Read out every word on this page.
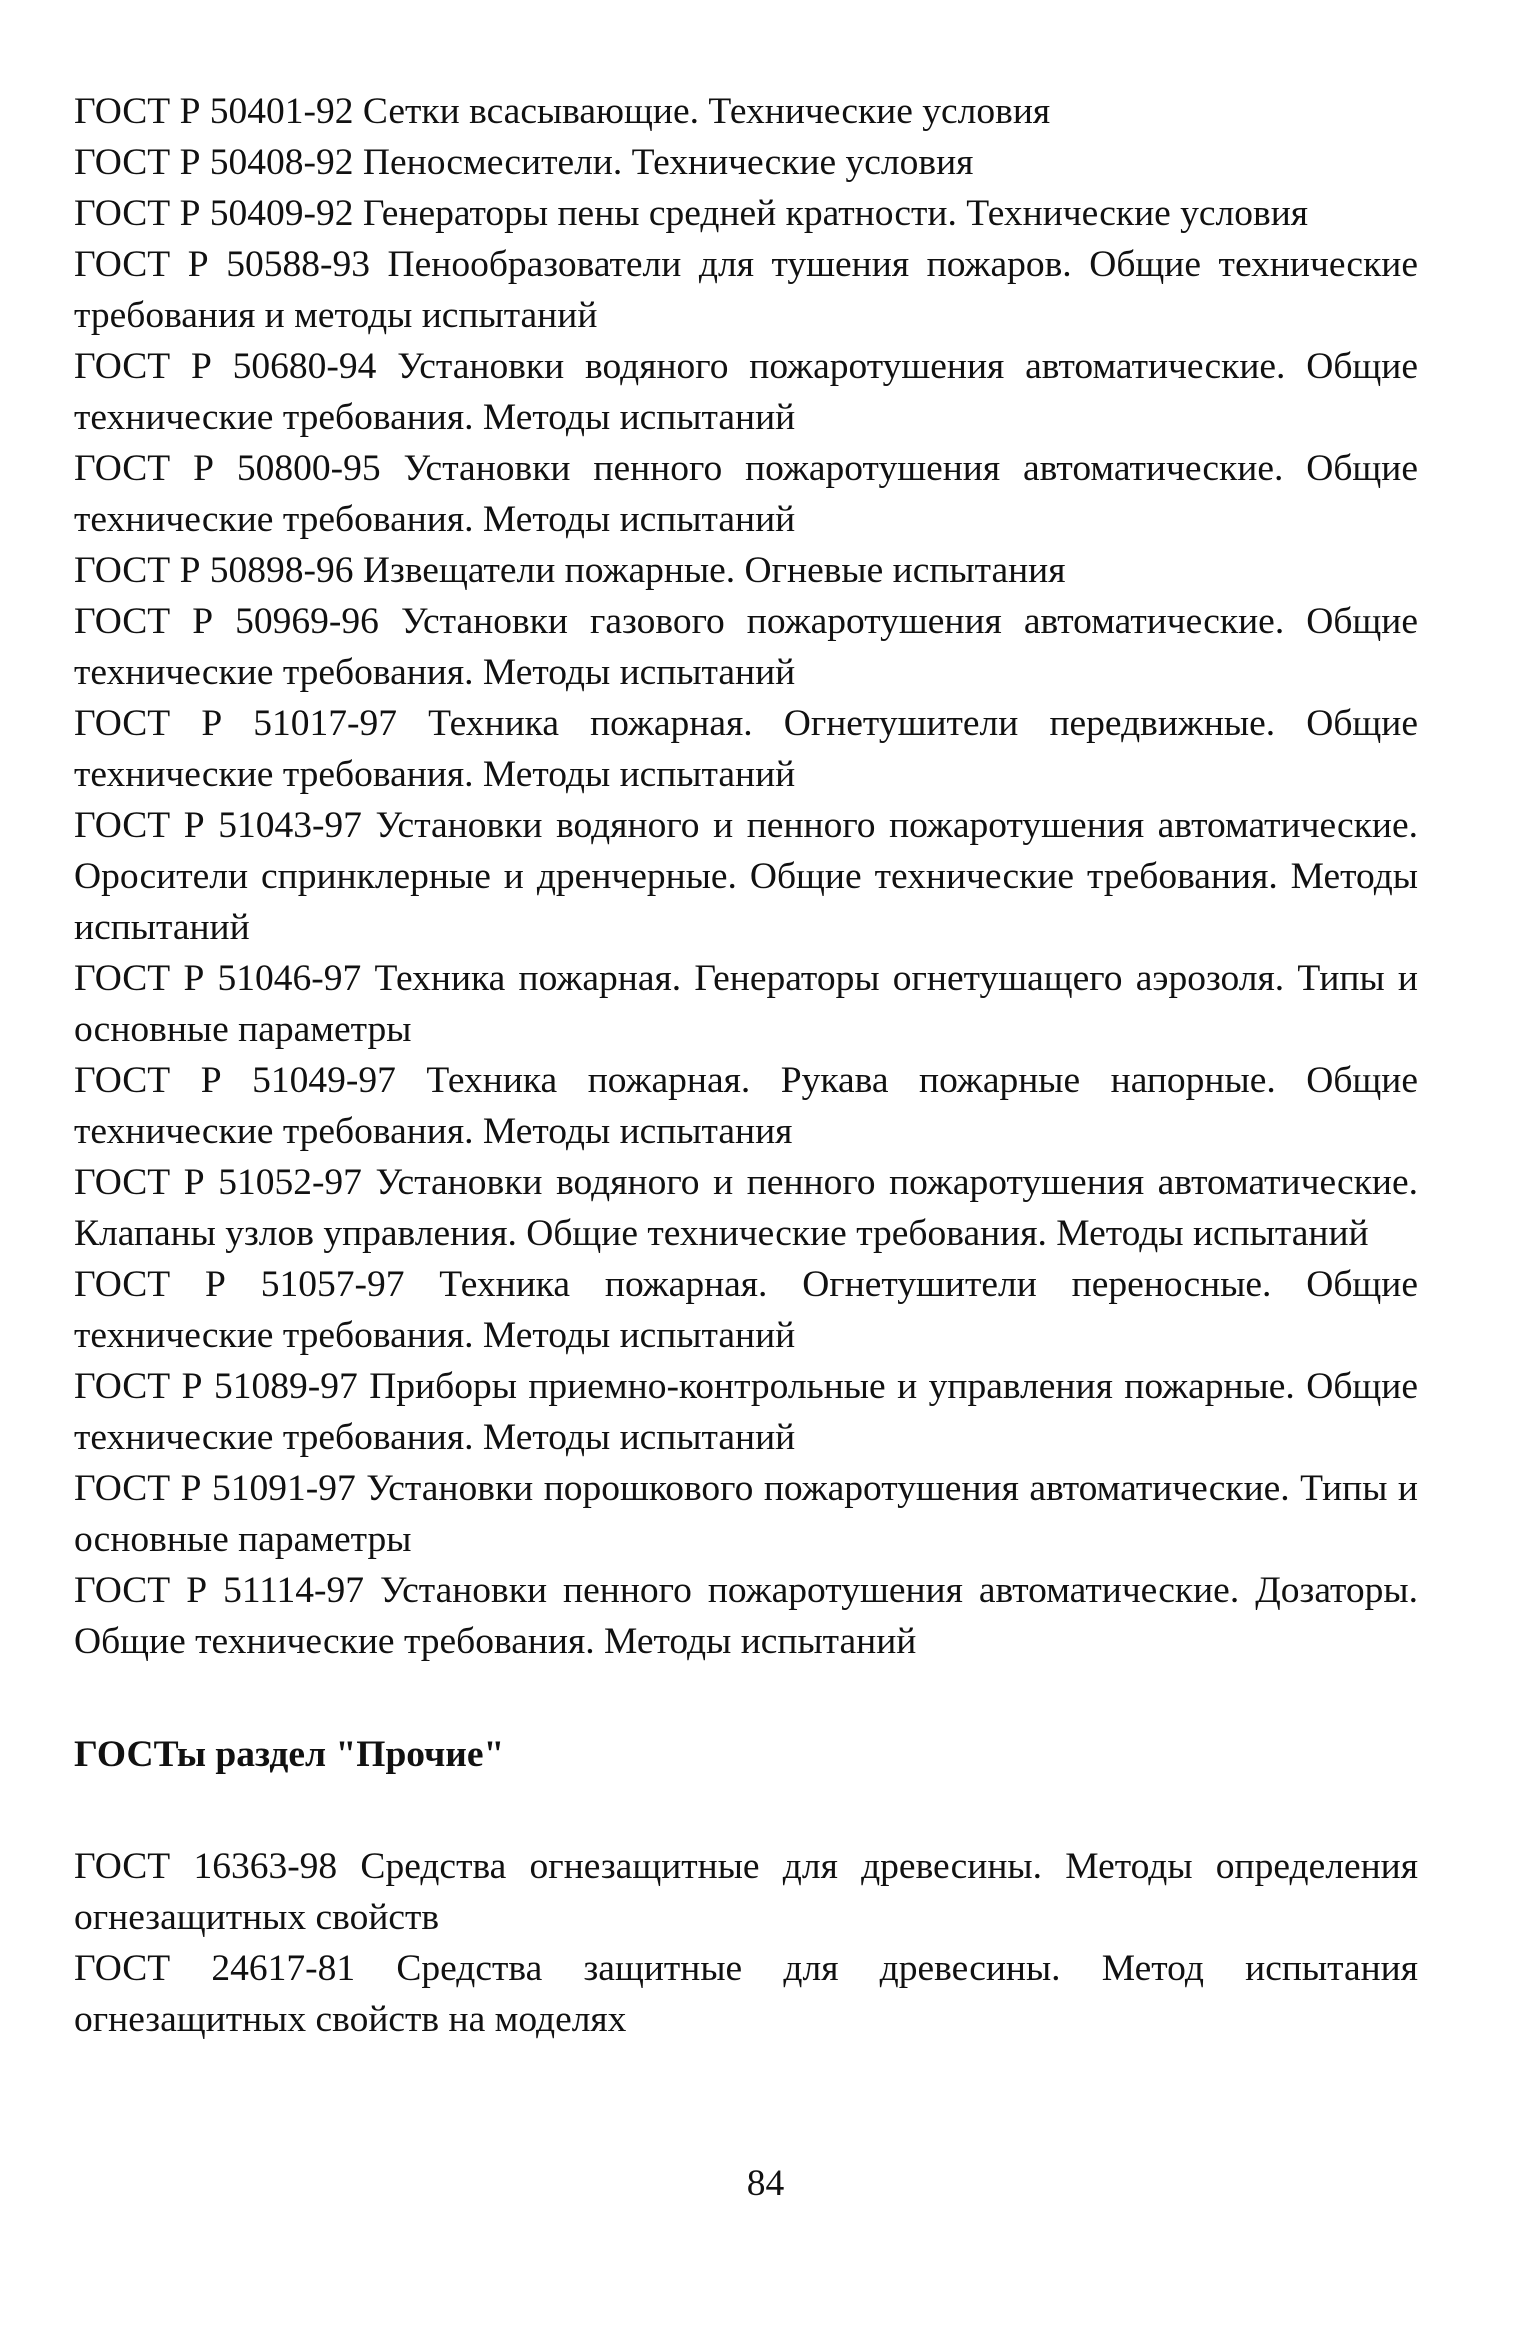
ГОСТ Р 50401-92 Сетки всасывающие. Технические условия

ГОСТ Р 50408-92 Пеносмесители. Технические условия

ГОСТ Р 50409-92 Генераторы пены средней кратности. Технические условия

ГОСТ Р 50588-93 Пенообразователи для тушения пожаров. Общие технические требования и методы испытаний

ГОСТ Р 50680-94 Установки водяного пожаротушения автоматические. Общие технические требования. Методы испытаний

ГОСТ Р 50800-95 Установки пенного пожаротушения автоматические. Общие технические требования. Методы испытаний

ГОСТ Р 50898-96 Извещатели пожарные. Огневые испытания

ГОСТ Р 50969-96 Установки газового пожаротушения автоматические. Общие технические требования. Методы испытаний

ГОСТ Р 51017-97 Техника пожарная. Огнетушители передвижные. Общие технические требования. Методы испытаний

ГОСТ Р 51043-97 Установки водяного и пенного пожаротушения автоматические. Оросители спринклерные и дренчерные. Общие технические требования. Методы испытаний

ГОСТ Р 51046-97 Техника пожарная. Генераторы огнетушащего аэрозоля. Типы и основные параметры

ГОСТ Р 51049-97 Техника пожарная. Рукава пожарные напорные. Общие технические требования. Методы испытания

ГОСТ Р 51052-97 Установки водяного и пенного пожаротушения автоматические. Клапаны узлов управления. Общие технические требования. Методы испытаний

ГОСТ Р 51057-97 Техника пожарная. Огнетушители переносные. Общие технические требования. Методы испытаний

ГОСТ Р 51089-97 Приборы приемно-контрольные и управления пожарные. Общие технические требования. Методы испытаний

ГОСТ Р 51091-97 Установки порошкового пожаротушения автоматические. Типы и основные параметры

ГОСТ Р 51114-97 Установки пенного пожаротушения автоматические. Дозаторы. Общие технические требования. Методы испытаний

ГОСТы раздел "Прочие"

ГОСТ 16363-98 Средства огнезащитные для древесины. Методы определения огнезащитных свойств

ГОСТ 24617-81 Средства защитные для древесины. Метод испытания огнезащитных свойств на моделях

84
